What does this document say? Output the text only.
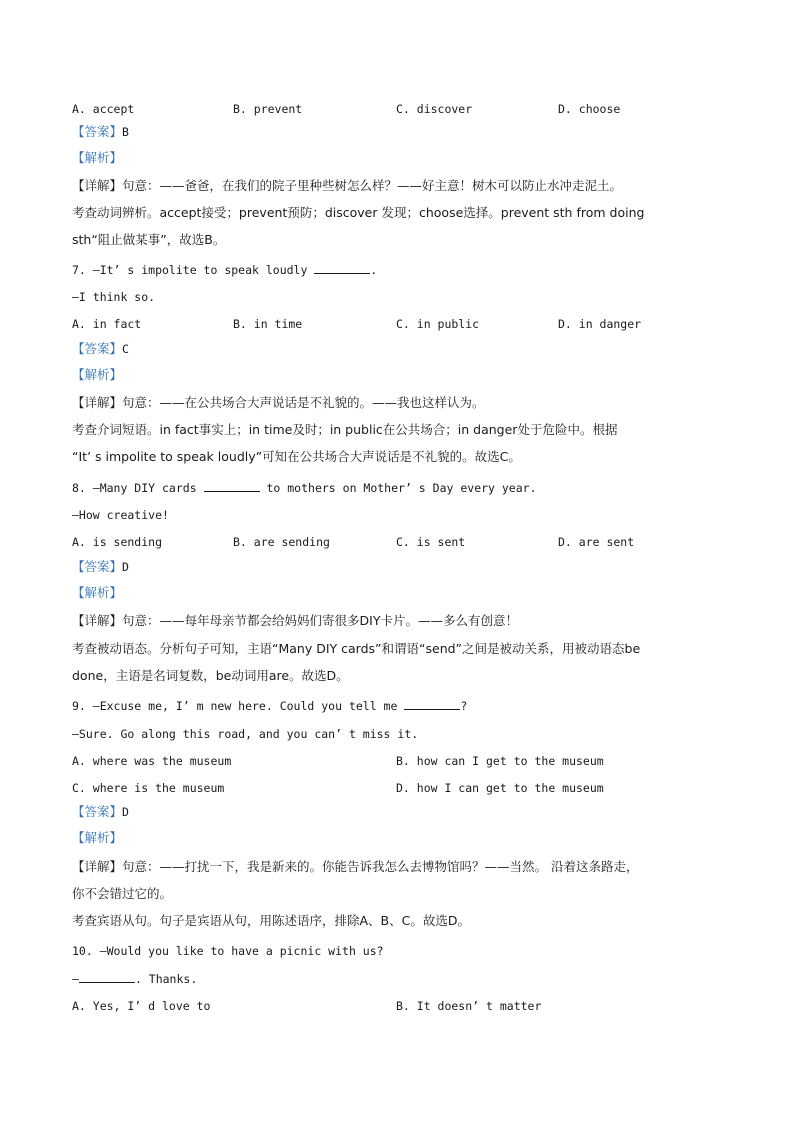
A. accept	B. prevent	C. discover	D. choose
【答案】B
【解析】
【详解】句意：——爸爸，在我们的院子里种些树怎么样？——好主意！树木可以防止水冲走泥土。
考查动词辨析。accept接受；prevent预防；discover 发现；choose选择。prevent sth from doing
sth“阻止做某事”，故选B。
7. —It’ s impolite to speak loudly	.
—I think so.
A. in fact	B. in time	C. in public	D. in danger
【答案】C
【解析】
【详解】句意：——在公共场合大声说话是不礼貌的。——我也这样认为。
考查介词短语。in fact事实上；in time及时；in public在公共场合；in danger处于危险中。根据
“It’ s impolite to speak loudly”可知在公共场合大声说话是不礼貌的。故选C。
8. —Many DIY cards	to mothers on Mother’ s Day every year.
—How creative!
A. is sending	B. are sending	C. is sent	D. are sent
【答案】D
【解析】
【详解】句意：——每年母亲节都会给妈妈们寄很多DIY卡片。——多么有创意！
考查被动语态。分析句子可知，主语“Many DIY cards”和谓语“send”之间是被动关系，用被动语态be
done，主语是名词复数，be动词用are。故选D。
9. —Excuse me, I’ m new here. Could you tell me	?
—Sure. Go along this road, and you can’ t miss it.
A. where was the museum	B. how can I get to the museum
C. where is the museum	D. how I can get to the museum
【答案】D
【解析】
【详解】句意：——打扰一下，我是新来的。你能告诉我怎么去博物馆吗？——当然。 沿着这条路走，
你不会错过它的。
考查宾语从句。句子是宾语从句，用陈述语序，排除A、B、C。故选D。
10. —Would you like to have a picnic with us?
—	. Thanks.
A. Yes, I’ d love to	B. It doesn’ t matter
